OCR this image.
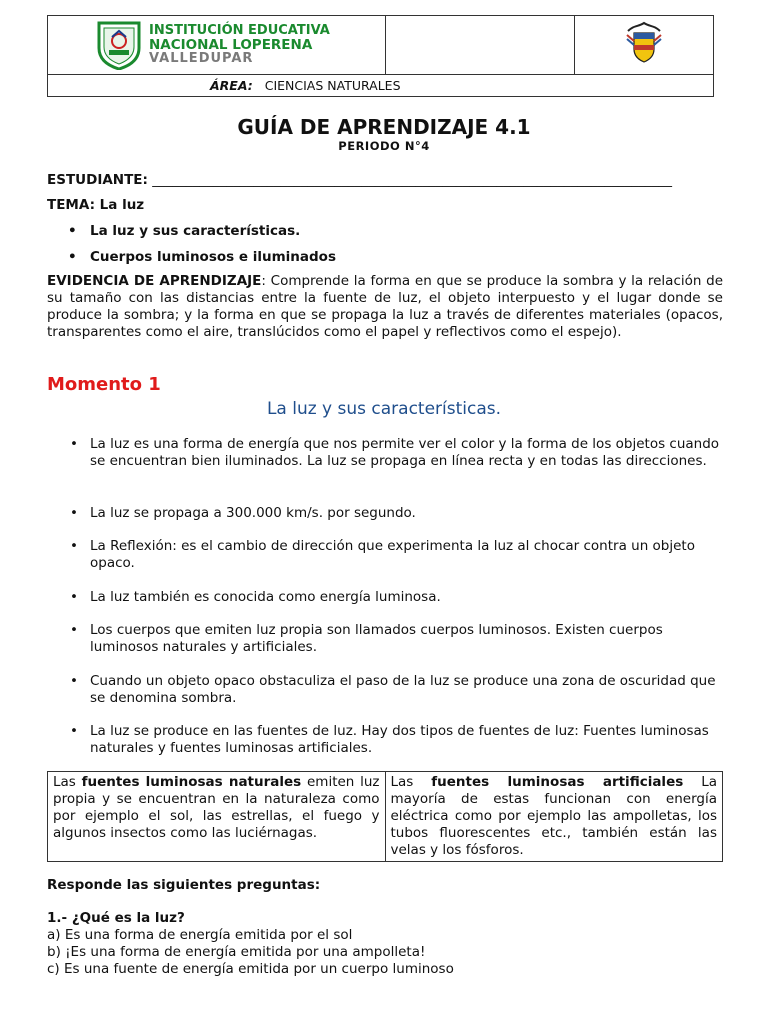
INSTITUCIÓN EDUCATIVA
NACIONAL LOPERENA
VALLEDUPAR

ÁREA: CIENCIAS NATURALES
GUÍA DE APRENDIZAJE 4.1
PERIODO N°4
ESTUDIANTE: _____________________________________________________________________________
TEMA: La luz
• La luz y sus características.
• Cuerpos luminosos e iluminados
EVIDENCIA DE APRENDIZAJE: Comprende la forma en que se produce la sombra y la relación de su tamaño con las distancias entre la fuente de luz, el objeto interpuesto y el lugar donde se produce la sombra; y la forma en que se propaga la luz a través de diferentes materiales (opacos, transparentes como el aire, translúcidos como el papel y reflectivos como el espejo).
Momento 1
La luz y sus características.
• La luz es una forma de energía que nos permite ver el color y la forma de los objetos cuando se encuentran bien iluminados. La luz se propaga en línea recta y en todas las direcciones.
• La luz se propaga a 300.000 km/s. por segundo.
• La Reflexión: es el cambio de dirección que experimenta la luz al chocar contra un objeto opaco.
• La luz también es conocida como energía luminosa.
• Los cuerpos que emiten luz propia son llamados cuerpos luminosos. Existen cuerpos luminosos naturales y artificiales.
• Cuando un objeto opaco obstaculiza el paso de la luz se produce una zona de oscuridad que se denomina sombra.
• La luz se produce en las fuentes de luz. Hay dos tipos de fuentes de luz: Fuentes luminosas naturales y fuentes luminosas artificiales.
Las fuentes luminosas naturales emiten luz propia y se encuentran en la naturaleza como por ejemplo el sol, las estrellas, el fuego y algunos insectos como las luciérnagas.	Las fuentes luminosas artificiales La mayoría de estas funcionan con energía eléctrica como por ejemplo las ampolletas, los tubos fluorescentes etc., también están las velas y los fósforos.
Responde las siguientes preguntas:
1.- ¿Qué es la luz?
a) Es una forma de energía emitida por el sol
b) ¡Es una forma de energía emitida por una ampolleta!
c) Es una fuente de energía emitida por un cuerpo luminoso
